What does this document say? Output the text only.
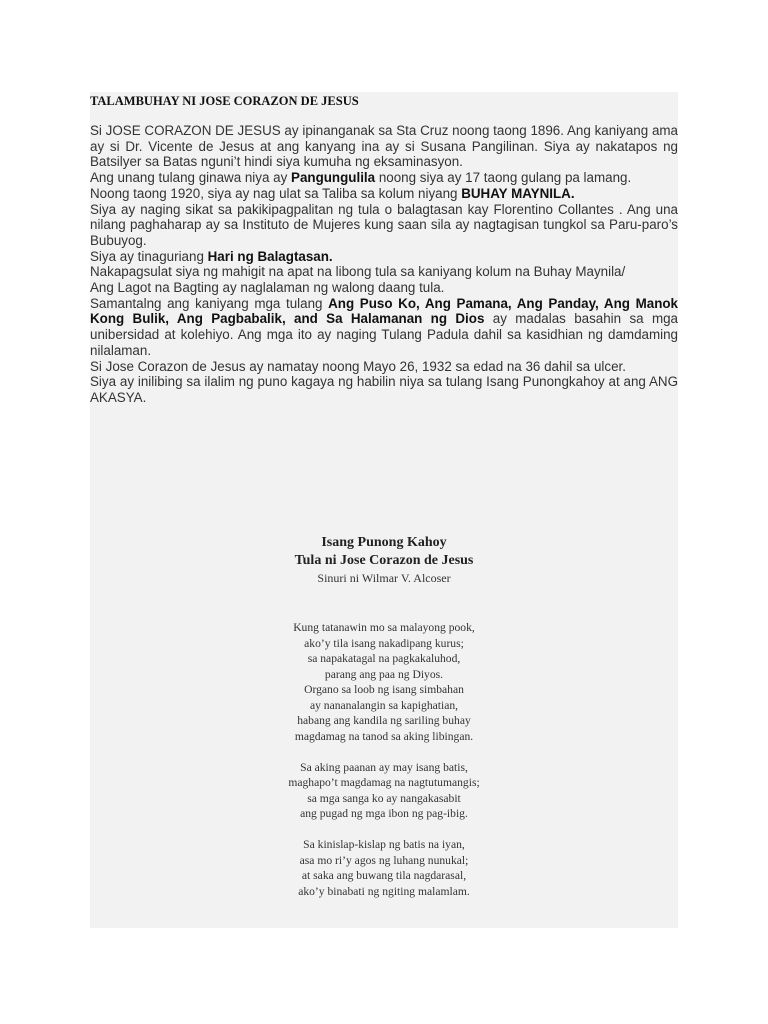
TALAMBUHAY NI JOSE CORAZON DE JESUS

Si JOSE CORAZON DE JESUS ay ipinanganak sa Sta Cruz noong taong 1896. Ang kaniyang ama ay si Dr. Vicente de Jesus at ang kanyang ina ay si Susana Pangilinan. Siya ay nakatapos ng Batsilyer sa Batas nguni’t hindi siya kumuha ng eksaminasyon.

Ang unang tulang ginawa niya ay Pangungulila noong siya ay 17 taong gulang pa lamang.

Noong taong 1920, siya ay nag ulat sa Taliba sa kolum niyang BUHAY MAYNILA.

Siya ay naging sikat sa pakikipagpalitan ng tula o balagtasan kay Florentino Collantes . Ang una nilang paghaharap ay sa Instituto de Mujeres kung saan sila ay nagtagisan tungkol sa Paru-paro’s Bubuyog.

Siya ay tinaguriang Hari ng Balagtasan.

Nakapagsulat siya ng mahigit na apat na libong tula sa kaniyang kolum na Buhay Maynila/

Ang Lagot na Bagting ay naglalaman ng walong daang tula.

Samantalng ang kaniyang mga tulang Ang Puso Ko, Ang Pamana, Ang Panday, Ang Manok Kong Bulik, Ang Pagbabalik, and Sa Halamanan ng Dios ay madalas basahin sa mga unibersidad at kolehiyo. Ang mga ito ay naging Tulang Padula dahil sa kasidhian ng damdaming nilalaman.

Si Jose Corazon de Jesus ay namatay noong Mayo 26, 1932 sa edad na 36 dahil sa ulcer.

Siya ay inilibing sa ilalim ng puno kagaya ng habilin niya sa tulang Isang Punongkahoy at ang ANG AKASYA.

Isang Punong Kahoy

Tula ni Jose Corazon de Jesus

Sinuri ni Wilmar V. Alcoser

Kung tatanawin mo sa malayong pook,
ako’y tila isang nakadipang kurus;
sa napakatagal na pagkakaluhod,
parang ang paa ng Diyos.
Organo sa loob ng isang simbahan
ay nananalangin sa kapighatian,
habang ang kandila ng sariling buhay
magdamag na tanod sa aking libingan.
Sa aking paanan ay may isang batis,
maghapo’t magdamag na nagtutumangis;
sa mga sanga ko ay nangakasabit
ang pugad ng mga ibon ng pag-ibig.
Sa kinislap-kislap ng batis na iyan,
asa mo ri’y agos ng luhang nunukal;
at saka ang buwang tila nagdarasal,
ako’y binabati ng ngiting malamlam.
